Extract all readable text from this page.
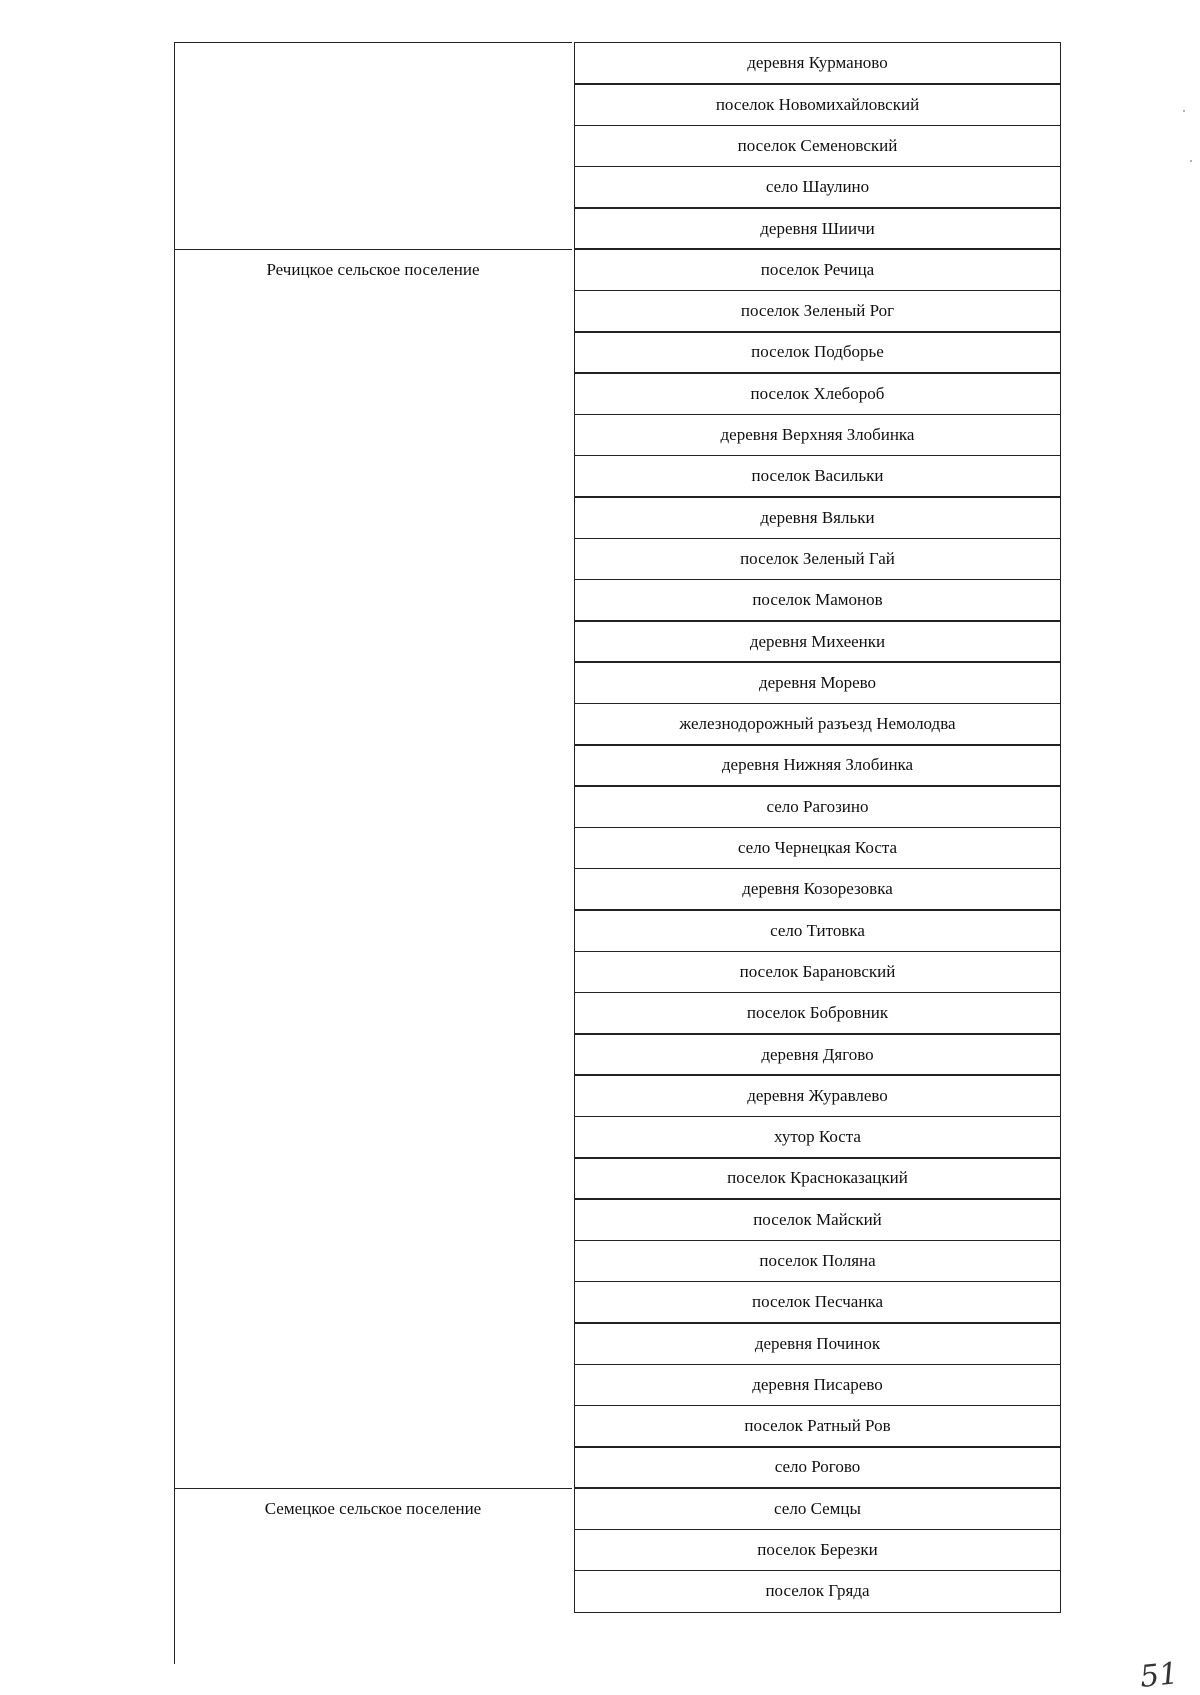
Речицкое сельское поселение
Семецкое сельское поселение
деревня Курманово
поселок Новомихайловский
поселок Семеновский
село Шаулино
деревня Шиичи
поселок Речица
поселок Зеленый Рог
поселок Подборье
поселок Хлебороб
деревня Верхняя Злобинка
поселок Васильки
деревня Вяльки
поселок Зеленый Гай
поселок Мамонов
деревня Михеенки
деревня Морево
железнодорожный разъезд Немолодва
деревня Нижняя Злобинка
село Рагозино
село Чернецкая Коста
деревня Козорезовка
село Титовка
поселок Барановский
поселок Бобровник
деревня Дягово
деревня Журавлево
хутор Коста
поселок Красноказацкий
поселок Майский
поселок Поляна
поселок Песчанка
деревня Починок
деревня Писарево
поселок Ратный Ров
село Рогово
село Семцы
поселок Березки
поселок Гряда
51
